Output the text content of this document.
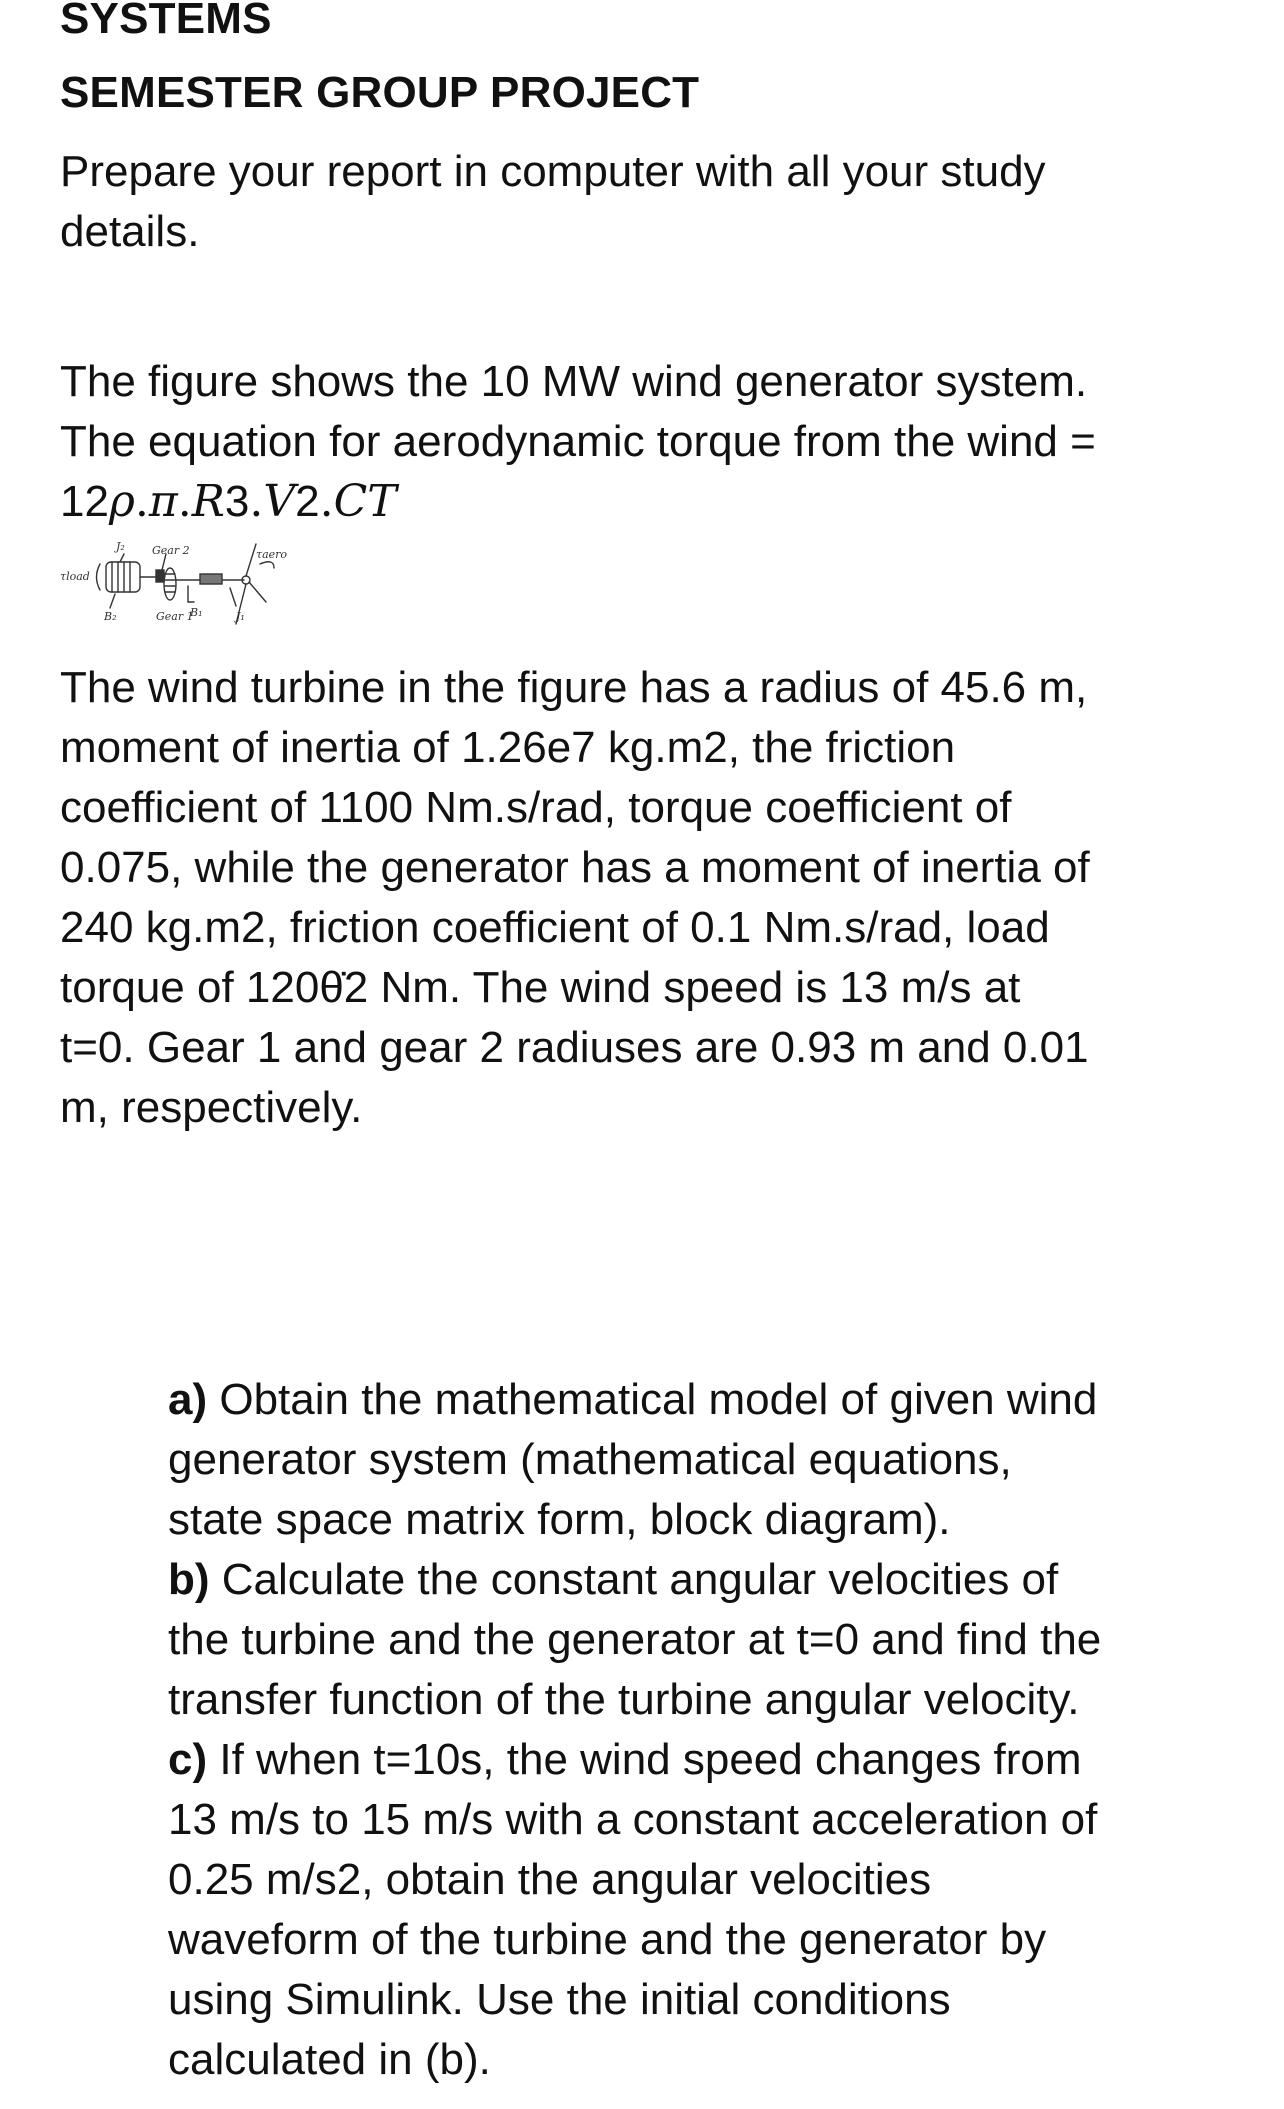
SYSTEMS
SEMESTER GROUP PROJECT

Prepare your report in computer with all your study
details.

The figure shows the 10 MW wind generator system.
The equation for aerodynamic torque from the wind =

12ρ.π.R3.V2.CT

J₂ Gear 2
τload
τaero
B₂	Gear 1
B₁	J₁

The wind turbine in the figure has a radius of 45.6 m,
moment of inertia of 1.26e7 kg.m2, the friction
coefficient of 1100 Nm.s/rad, torque coefficient of
0.075, while the generator has a moment of inertia of
240 kg.m2, friction coefficient of 0.1 Nm.s/rad, load
torque of 120θ̇2 Nm. The wind speed is 13 m/s at
t=0. Gear 1 and gear 2 radiuses are 0.93 m and 0.01
m, respectively.

a) Obtain the mathematical model of given wind
generator system (mathematical equations,
state space matrix form, block diagram).
b) Calculate the constant angular velocities of
the turbine and the generator at t=0 and find the
transfer function of the turbine angular velocity.
c) If when t=10s, the wind speed changes from
13 m/s to 15 m/s with a constant acceleration of
0.25 m/s2, obtain the angular velocities
waveform of the turbine and the generator by
using Simulink. Use the initial conditions
calculated in (b).
